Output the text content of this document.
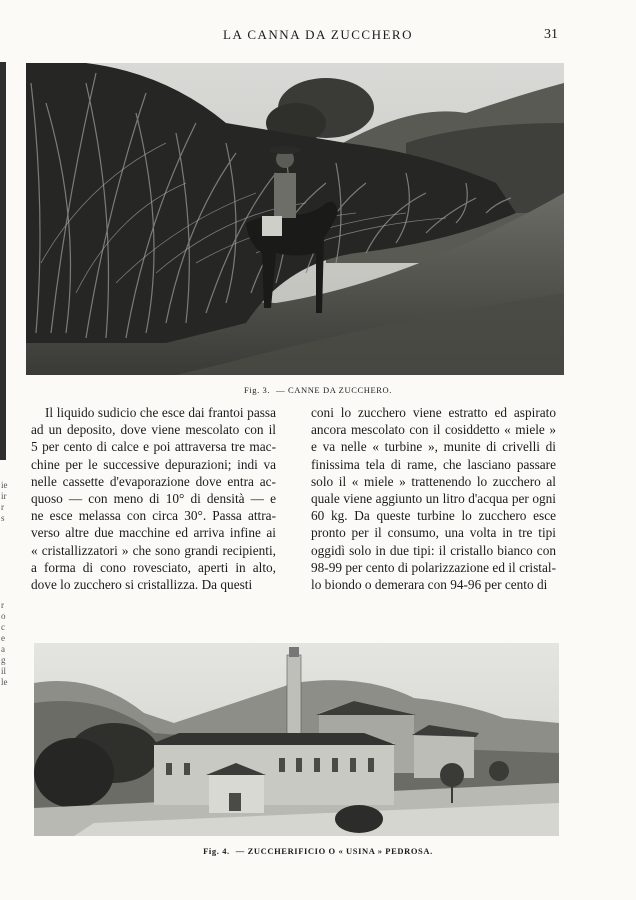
LA CANNA DA ZUCCHERO	31
ie
ir
r
s
r
o
c
e
a
g
il
le
Fig. 3. — CANNE DA ZUCCHERO.
Il liquido sudicio che esce dai frantoi passa
ad un deposito, dove viene mescolato con il
5 per cento di calce e poi attraversa tre mac-
chine per le successive depurazioni; indi va
nelle cassette d'evaporazione dove entra ac-
quoso — con meno di 10° di densità — e
ne esce melassa con circa 30°. Passa attra-
verso altre due macchine ed arriva infine ai
« cristallizzatori » che sono grandi recipienti,
a forma di cono rovesciato, aperti in alto,
dove lo zucchero si cristallizza. Da questi
coni lo zucchero viene estratto ed aspirato
ancora mescolato con il cosiddetto « miele »
e va nelle « turbine », munite di crivelli di
finissima tela di rame, che lasciano passare
solo il « miele » trattenendo lo zucchero al
quale viene aggiunto un litro d'acqua per ogni
60 kg. Da queste turbine lo zucchero esce
pronto per il consumo, una volta in tre tipi
oggidì solo in due tipi: il cristallo bianco con
98-99 per cento di polarizzazione ed il cristal-
lo biondo o demerara con 94-96 per cento di
Fig. 4. — ZUCCHERIFICIO O « USINA » PEDROSA.
